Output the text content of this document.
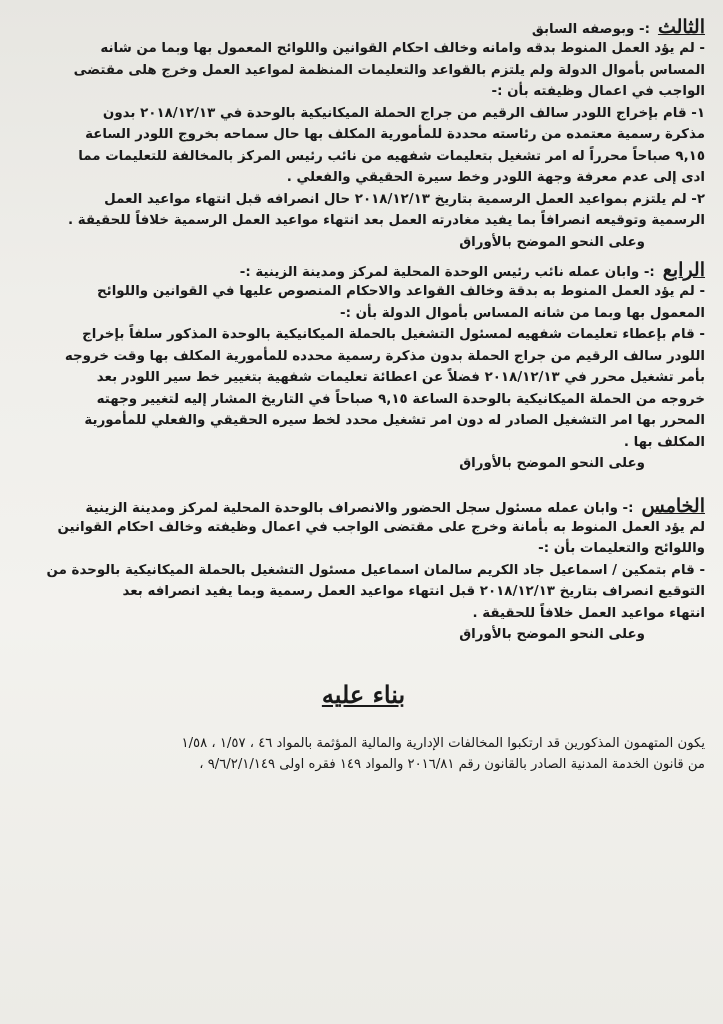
الثالث
:- وبوصفه السابق
- لم يؤد العمل المنوط بدقه وامانه وخالف احكام القوانين واللوائح المعمول بها وبما من شانه
المساس بأموال الدولة ولم يلتزم بالقواعد والتعليمات المنظمة لمواعيد العمل وخرج هلى مقتضى
الواجب في اعمال وظيفته بأن :-
١- قام بإخراج اللودر سالف الرقيم من جراج الحملة الميكانيكية بالوحدة في ٢٠١٨/١٢/١٣ بدون
مذكرة رسمية معتمده من رئاسته محددة للمأمورية المكلف بها حال سماحه بخروج اللودر الساعة
٩,١٥ صباحاً محرراً له امر تشغيل بتعليمات شفهيه من نائب رئيس المركز بالمخالفة للتعليمات مما
ادى إلى عدم معرفة وجهة اللودر وخط سيرة الحقيقي والفعلي .
٢- لم يلتزم بمواعيد العمل الرسمية بتاريخ ٢٠١٨/١٢/١٣ حال انصرافه قبل انتهاء مواعيد العمل
الرسمية وتوقيعه انصرافاً بما يفيد مغادرته العمل بعد انتهاء مواعيد العمل الرسمية خلافاً للحقيقة .
وعلى النحو الموضح بالأوراق
الرابع
:- وابان عمله نائب رئيس الوحدة المحلية لمركز ومدينة الزينية :-
- لم يؤد العمل المنوط به بدقة وخالف القواعد والاحكام المنصوص عليها في القوانين واللوائح
المعمول بها وبما من شانه المساس بأموال الدولة بأن :-
- قام بإعطاء تعليمات شفهيه لمسئول التشغيل بالحملة الميكانيكية بالوحدة المذكور سلفاً بإخراج
اللودر سالف الرقيم من جراج الحملة بدون مذكرة رسمية محدده للمأمورية المكلف بها وقت خروجه
بأمر تشغيل محرر في ٢٠١٨/١٢/١٣ فضلاً عن اعطائة تعليمات شفهية بتغيير خط سير اللودر بعد
خروجه من الحملة الميكانيكية بالوحدة الساعة ٩,١٥ صباحاً في التاريخ المشار إليه لتغيير وجهته
المحرر بها امر التشغيل الصادر له دون امر تشغيل محدد لخط سيره الحقيقي والفعلي للمأمورية
المكلف بها .
وعلى النحو الموضح بالأوراق
الخامس
:- وابان عمله مسئول سجل الحضور والانصراف بالوحدة المحلية لمركز ومدينة الزينية
لم يؤد العمل المنوط به بأمانة وخرج على مقتضى الواجب في اعمال وظيفته وخالف احكام القوانين
واللوائح والتعليمات بأن :-
- قام بتمكين / اسماعيل جاد الكريم سالمان اسماعيل مسئول التشغيل بالحملة الميكانيكية بالوحدة من
التوقيع انصراف بتاريخ ٢٠١٨/١٢/١٣ قبل انتهاء مواعيد العمل رسمية وبما يفيد انصرافه بعد
انتهاء مواعيد العمل خلافاً للحقيقة .
وعلى النحو الموضح بالأوراق
بناء عليه
يكون المتهمون المذكورين قد ارتكبوا المخالفات الإدارية والمالية المؤثمة بالمواد ٤٦ ، ١/٥٧ ، ١/٥٨
من قانون الخدمة المدنية الصادر بالقانون رقم ٢٠١٦/٨١ والمواد ١٤٩ فقره اولى ٩/٦/٢/١/١٤٩ ،
